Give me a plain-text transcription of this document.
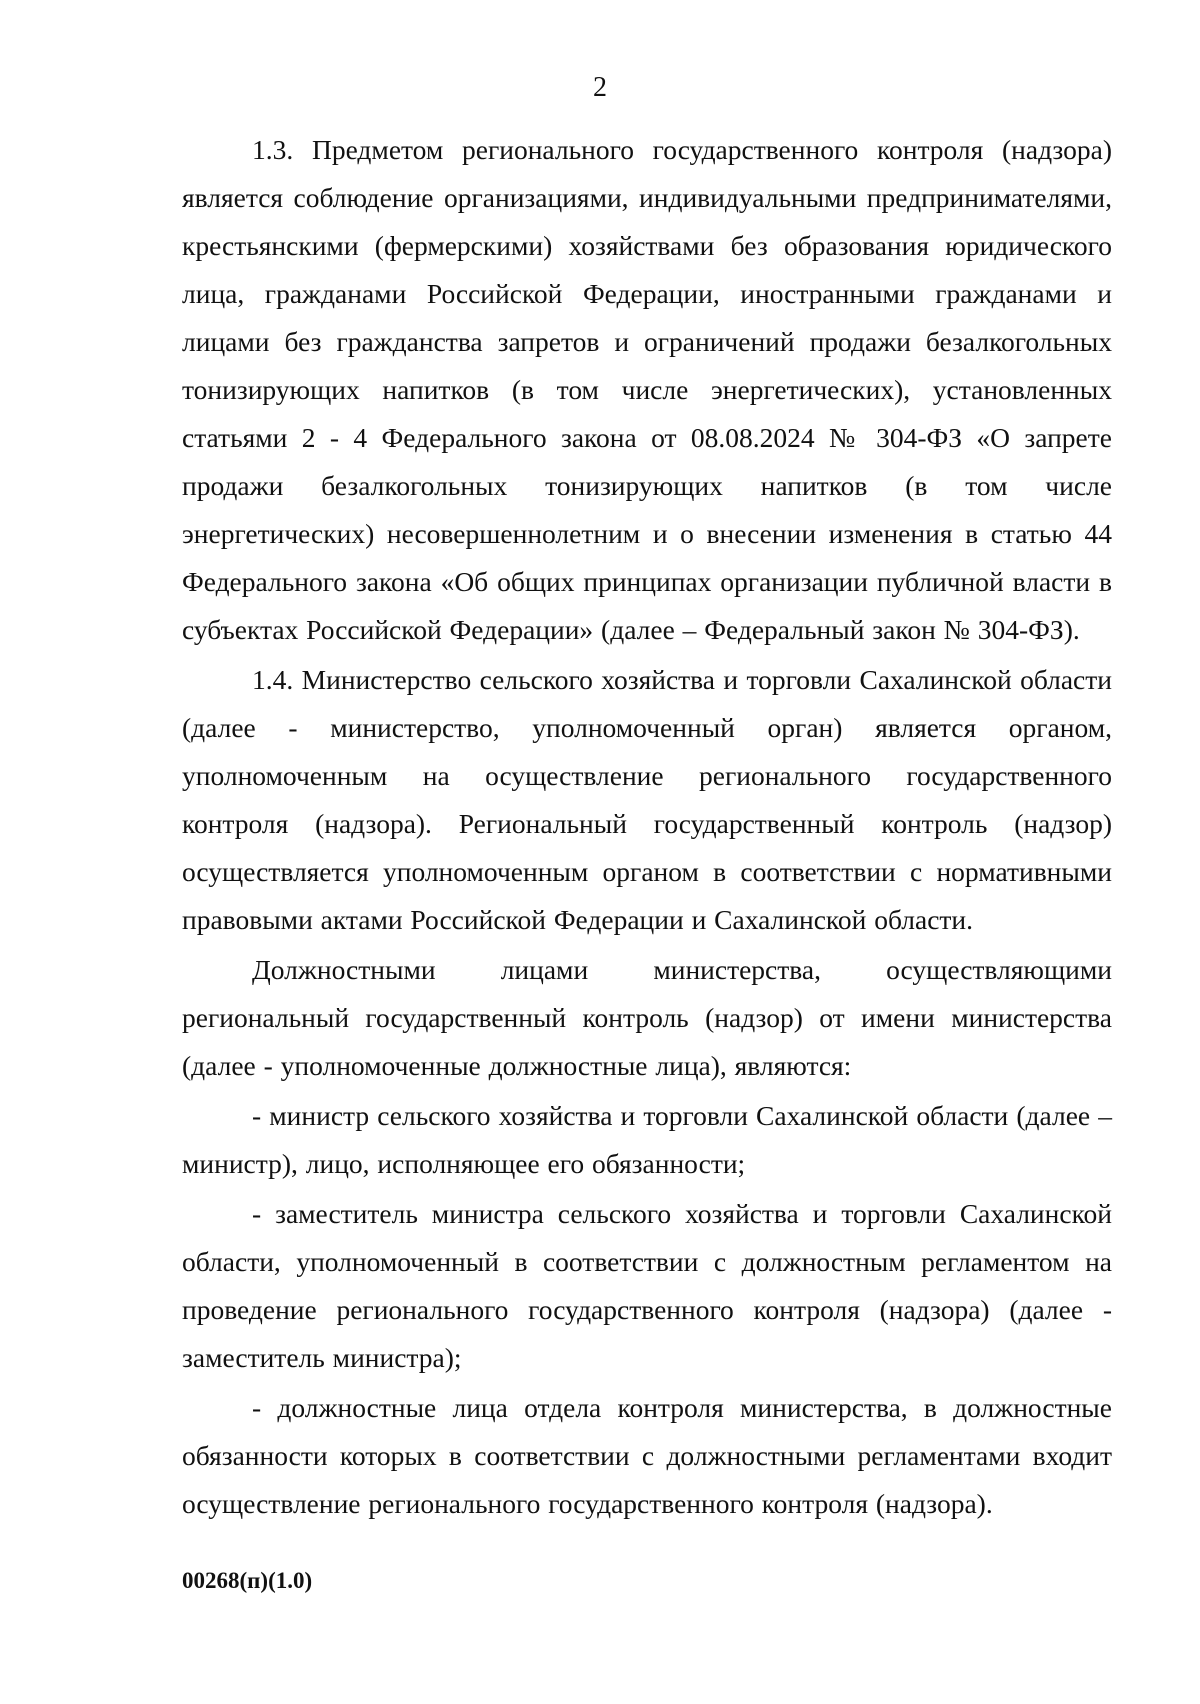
2

1.3. Предметом регионального государственного контроля (надзора) является соблюдение организациями, индивидуальными предпринимателями, крестьянскими (фермерскими) хозяйствами без образования юридического лица, гражданами Российской Федерации, иностранными гражданами и лицами без гражданства запретов и ограничений продажи безалкогольных тонизирующих напитков (в том числе энергетических), установленных статьями 2 - 4 Федерального закона от 08.08.2024 № 304-ФЗ «О запрете продажи безалкогольных тонизирующих напитков (в том числе энергетических) несовершеннолетним и о внесении изменения в статью 44 Федерального закона «Об общих принципах организации публичной власти в субъектах Российской Федерации» (далее – Федеральный закон № 304-ФЗ).

1.4. Министерство сельского хозяйства и торговли Сахалинской области (далее - министерство, уполномоченный орган) является органом, уполномоченным на осуществление регионального государственного контроля (надзора). Региональный государственный контроль (надзор) осуществляется уполномоченным органом в соответствии с нормативными правовыми актами Российской Федерации и Сахалинской области.

Должностными лицами министерства, осуществляющими региональный государственный контроль (надзор) от имени министерства (далее - уполномоченные должностные лица), являются:

- министр сельского хозяйства и торговли Сахалинской области (далее – министр), лицо, исполняющее его обязанности;

- заместитель министра сельского хозяйства и торговли Сахалинской области, уполномоченный в соответствии с должностным регламентом на проведение регионального государственного контроля (надзора) (далее - заместитель министра);

- должностные лица отдела контроля министерства, в должностные обязанности которых в соответствии с должностными регламентами входит осуществление регионального государственного контроля (надзора).

00268(п)(1.0)
